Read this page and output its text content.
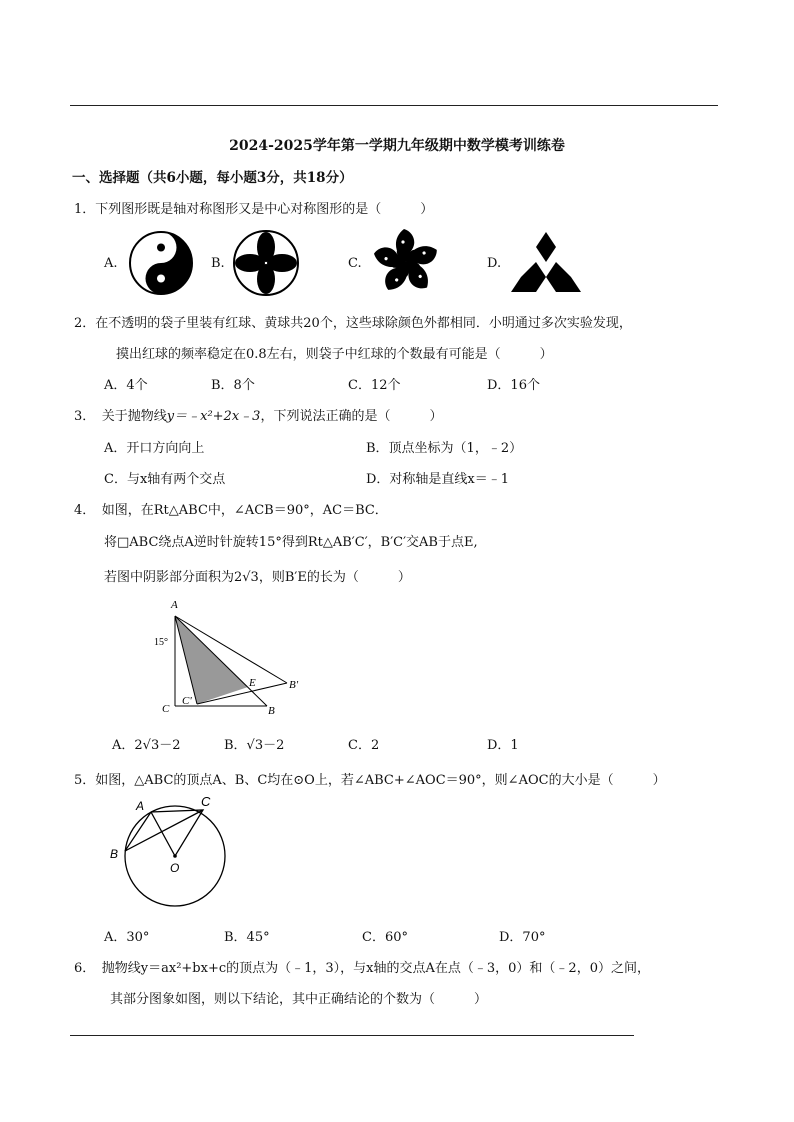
2024-2025学年第一学期九年级期中数学模考训练卷
一、选择题（共6小题，每小题3分，共18分）
1．下列图形既是轴对称图形又是中心对称图形的是（　　　）
A.	B.	C.	D.
2．在不透明的袋子里装有红球、黄球共20个，这些球除颜色外都相同．小明通过多次实验发现，
摸出红球的频率稳定在0.8左右，则袋子中红球的个数最有可能是（　　　）
A．4个	B．8个	C．12个	D．16个
3．　关于抛物线y＝﹣x²+2x﹣3，下列说法正确的是（　　　）
A．开口方向向上	B．顶点坐标为（1，﹣2）
C．与x轴有两个交点	D．对称轴是直线x＝﹣1
4．　如图，在Rt△ABC中，∠ACB＝90°，AC＝BC．
将□ABC绕点A逆时针旋转15°得到Rt△AB′C′，B′C′交AB于点E,
若图中阴影部分面积为2√3，则B′E的长为（　　　）
A
15°
E	B'
C'
C	B
A．2√3－2	B．√3－2	C．2	D．1
5．如图，△ABC的顶点A、B、C均在⊙O上，若∠ABC+∠AOC＝90°，则∠AOC的大小是（　　　）
A	C
B
O
A．30°	B．45°	C．60°	D．70°
6．　抛物线y＝ax²+bx+c的顶点为（﹣1，3），与x轴的交点A在点（﹣3，0）和（﹣2，0）之间，
其部分图象如图，则以下结论，其中正确结论的个数为（　　　）
